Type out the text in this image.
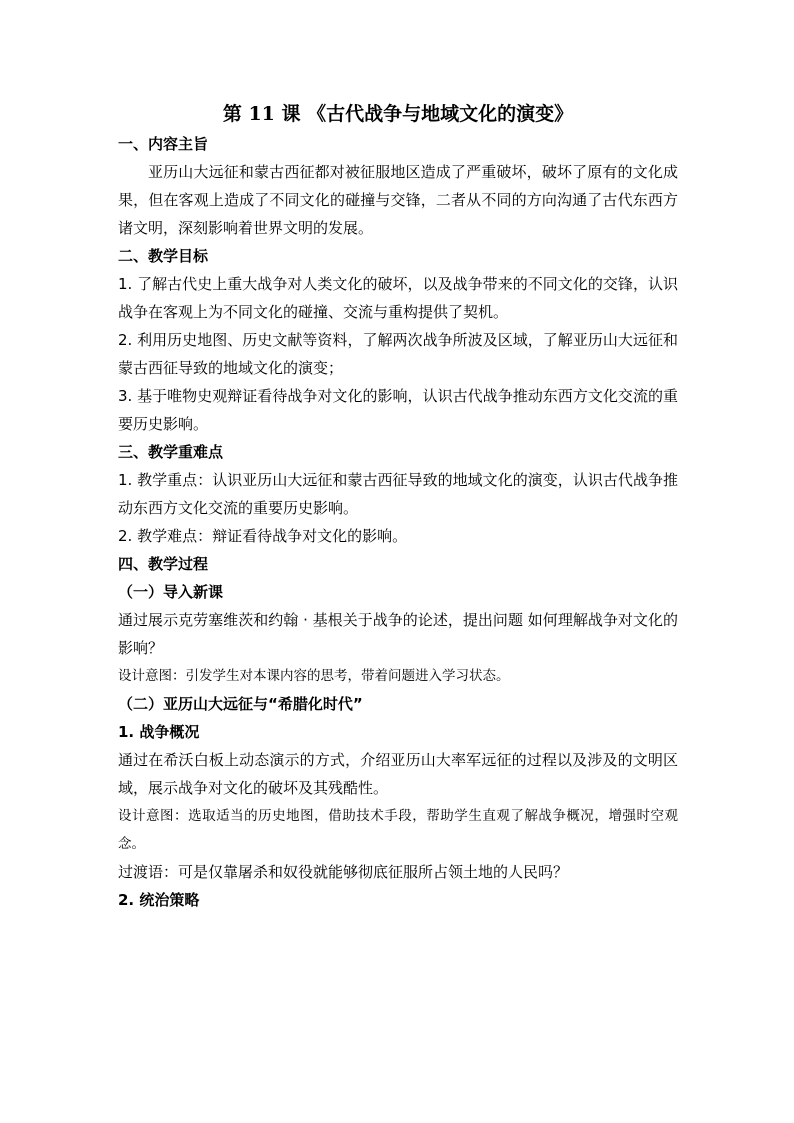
第 11 课 《古代战争与地域文化的演变》
一、内容主旨
亚历山大远征和蒙古西征都对被征服地区造成了严重破坏，破坏了原有的文化成果，但在客观上造成了不同文化的碰撞与交锋，二者从不同的方向沟通了古代东西方诸文明，深刻影响着世界文明的发展。
二、教学目标
1. 了解古代史上重大战争对人类文化的破坏，以及战争带来的不同文化的交锋，认识战争在客观上为不同文化的碰撞、交流与重构提供了契机。
2. 利用历史地图、历史文献等资料，了解两次战争所波及区域，了解亚历山大远征和蒙古西征导致的地域文化的演变；
3. 基于唯物史观辩证看待战争对文化的影响，认识古代战争推动东西方文化交流的重要历史影响。
三、教学重难点
1. 教学重点：认识亚历山大远征和蒙古西征导致的地域文化的演变，认识古代战争推动东西方文化交流的重要历史影响。
2. 教学难点：辩证看待战争对文化的影响。
四、教学过程
（一）导入新课
通过展示克劳塞维茨和约翰 · 基根关于战争的论述，提出问题 如何理解战争对文化的影响？
设计意图：引发学生对本课内容的思考，带着问题进入学习状态。
（二）亚历山大远征与“希腊化时代”
1. 战争概况
通过在希沃白板上动态演示的方式，介绍亚历山大率军远征的过程以及涉及的文明区域，展示战争对文化的破坏及其残酷性。
设计意图：选取适当的历史地图，借助技术手段，帮助学生直观了解战争概况，增强时空观念。
过渡语：可是仅靠屠杀和奴役就能够彻底征服所占领土地的人民吗？
2. 统治策略
